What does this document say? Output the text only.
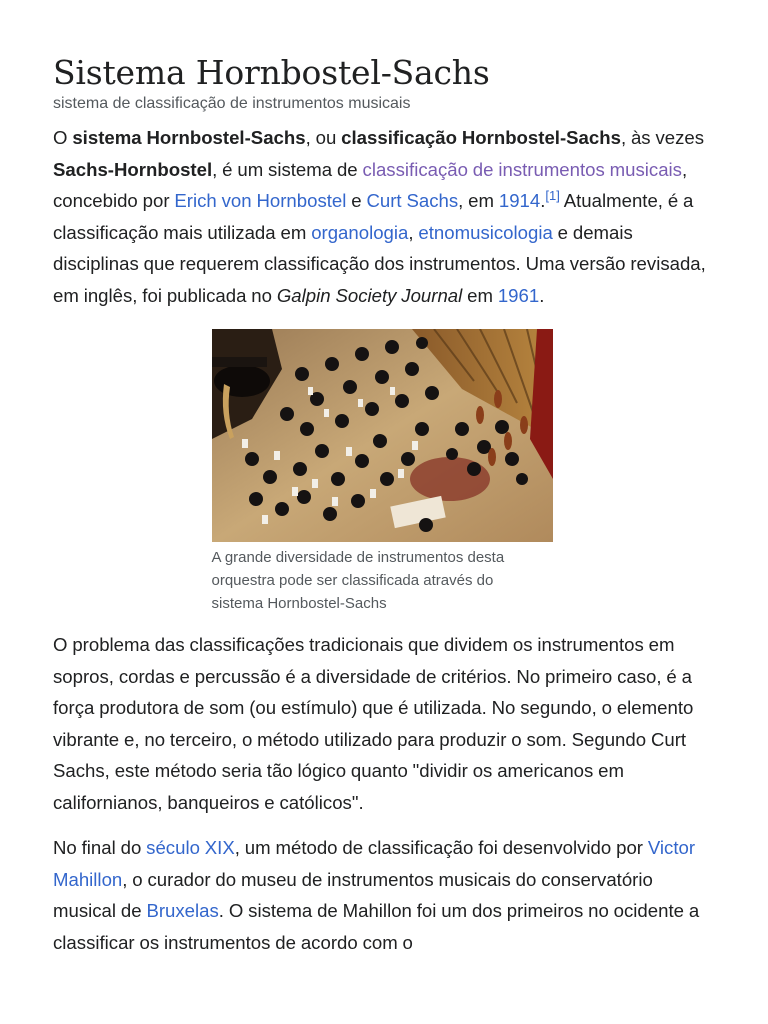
Sistema Hornbostel-Sachs
sistema de classificação de instrumentos musicais

O sistema Hornbostel-Sachs, ou classificação Hornbostel-Sachs, às vezes Sachs-Hornbostel, é um sistema de classificação de instrumentos musicais, concebido por Erich von Hornbostel e Curt Sachs, em 1914.[1] Atualmente, é a classificação mais utilizada em organologia, etnomusicologia e demais disciplinas que requerem classificação dos instrumentos. Uma versão revisada, em inglês, foi publicada no Galpin Society Journal em 1961.

A grande diversidade de instrumentos desta orquestra pode ser classificada através do sistema Hornbostel-Sachs

O problema das classificações tradicionais que dividem os instrumentos em sopros, cordas e percussão é a diversidade de critérios. No primeiro caso, é a força produtora de som (ou estímulo) que é utilizada. No segundo, o elemento vibrante e, no terceiro, o método utilizado para produzir o som. Segundo Curt Sachs, este método seria tão lógico quanto "dividir os americanos em californianos, banqueiros e católicos".

No final do século XIX, um método de classificação foi desenvolvido por Victor Mahillon, o curador do museu de instrumentos musicais do conservatório musical de Bruxelas. O sistema de Mahillon foi um dos primeiros no ocidente a classificar os instrumentos de acordo com o
